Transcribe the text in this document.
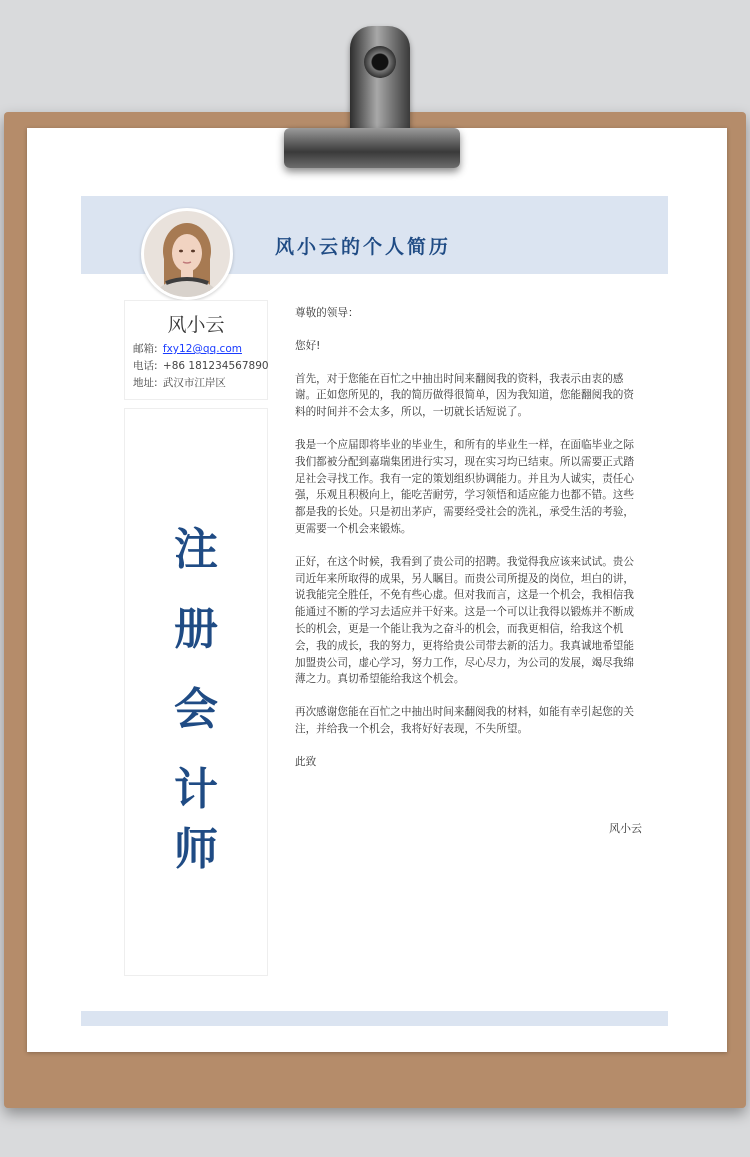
风小云的个人简历
风小云
邮箱: fxy12@qq.com
电话: +86 181234567890
地址: 武汉市江岸区
注
册
会
计
师

尊敬的领导：

您好!

首先，对于您能在百忙之中抽出时间来翻阅我的资料，我表示由衷的感谢。正如您所见的，我的简历做得很简单，因为我知道，您能翻阅我的资料的时间并不会太多，所以，一切就长话短说了。

我是一个应届即将毕业的毕业生，和所有的毕业生一样，在面临毕业之际我们都被分配到嘉瑞集团进行实习，现在实习均已结束。所以需要正式踏足社会寻找工作。我有一定的策划组织协调能力。并且为人诚实，责任心强，乐观且积极向上，能吃苦耐劳，学习领悟和适应能力也都不错。这些都是我的长处。只是初出茅庐，需要经受社会的洗礼，承受生活的考验，更需要一个机会来锻炼。

正好，在这个时候，我看到了贵公司的招聘。我觉得我应该来试试。贵公司近年来所取得的成果，另人瞩目。而贵公司所提及的岗位，坦白的讲，说我能完全胜任，不免有些心虚。但对我而言，这是一个机会，我相信我能通过不断的学习去适应并干好来。这是一个可以让我得以锻炼并不断成长的机会，更是一个能让我为之奋斗的机会，而我更相信，给我这个机会，我的成长，我的努力，更将给贵公司带去新的活力。我真诚地希望能加盟贵公司，虚心学习，努力工作，尽心尽力，为公司的发展，竭尽我绵薄之力。真切希望能给我这个机会。

再次感谢您能在百忙之中抽出时间来翻阅我的材料，如能有幸引起您的关注，并给我一个机会，我将好好表现，不失所望。

此致

风小云
